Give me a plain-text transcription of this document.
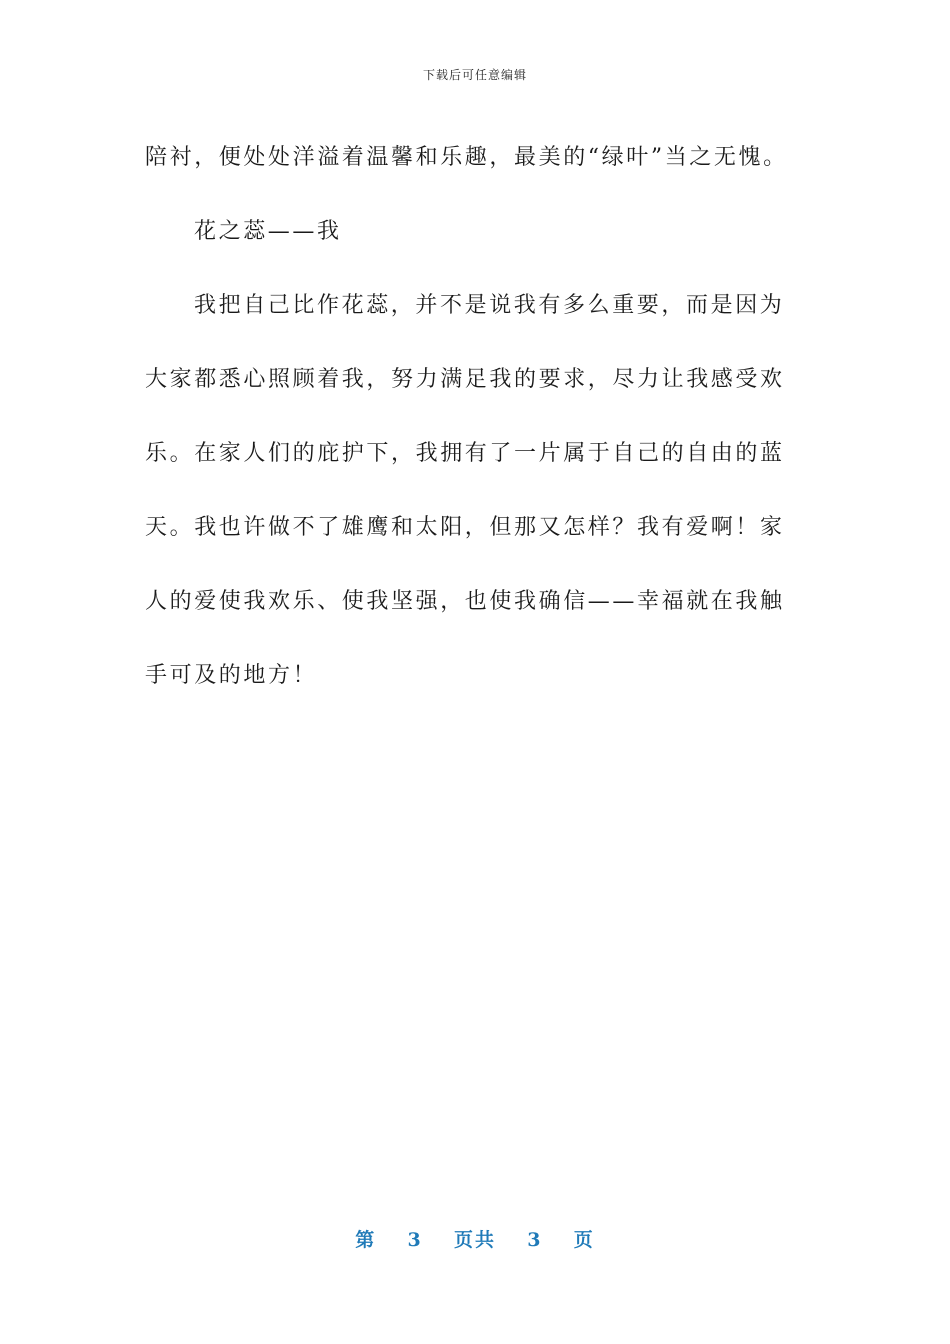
下载后可任意编辑

陪衬，便处处洋溢着温馨和乐趣，最美的“绿叶”当之无愧。

花之蕊——我

我把自己比作花蕊，并不是说我有多么重要，而是因为大家都悉心照顾着我，努力满足我的要求，尽力让我感受欢乐。在家人们的庇护下，我拥有了一片属于自己的自由的蓝天。我也许做不了雄鹰和太阳，但那又怎样？我有爱啊！家人的爱使我欢乐、使我坚强，也使我确信——幸福就在我触手可及的地方！

第 3 页共 3 页
